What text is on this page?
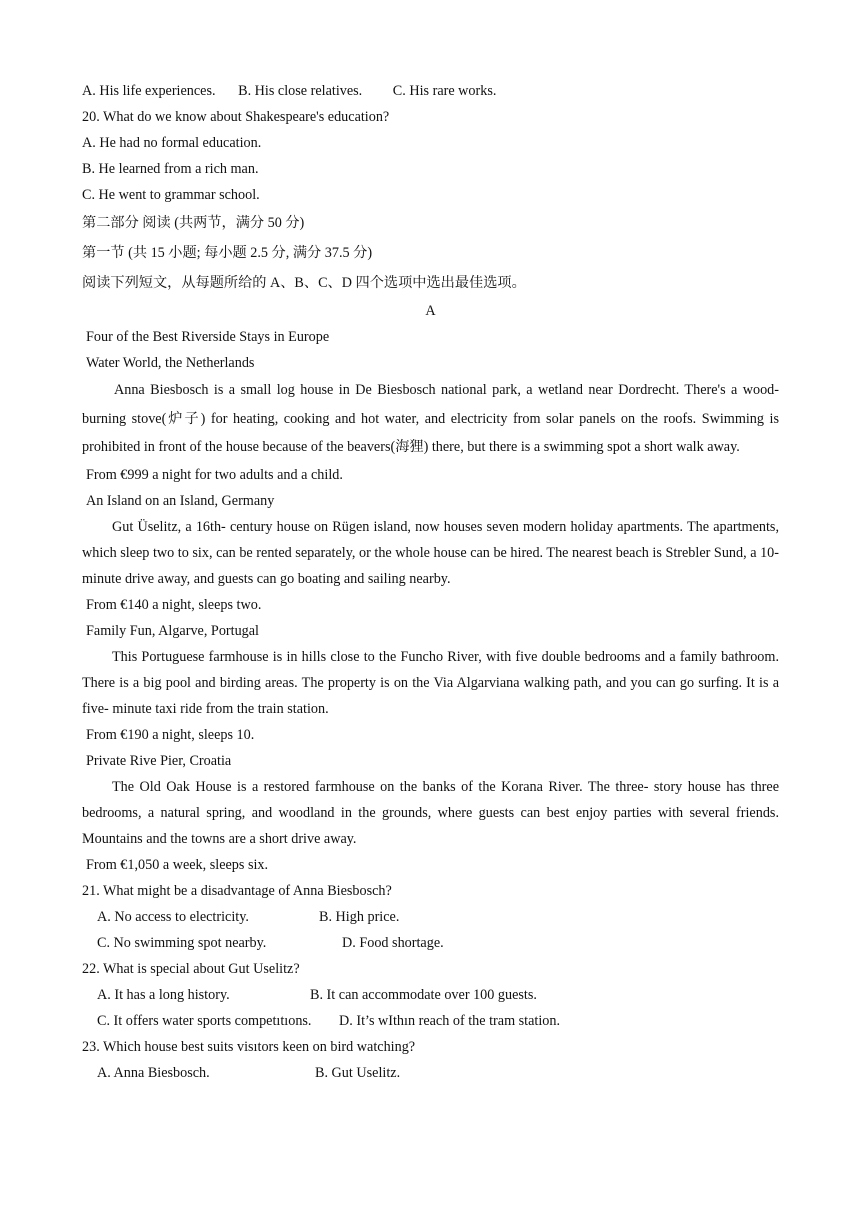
A. His life experiences. B. His close relatives. C. His rare works.
20. What do we know about Shakespeare's education?
A. He had no formal education.
B. He learned from a rich man.
C. He went to grammar school.
第二部分 阅读 (共两节，满分 50 分)
第一节 (共 15 小题; 每小题 2.5 分, 满分 37.5 分)
阅读下列短文，从每题所给的 A、B、C、D 四个选项中选出最佳选项。
A
Four of the Best Riverside Stays in Europe
Water World, the Netherlands

Anna Biesbosch is a small log house in De Biesbosch national park, a wetland near Dordrecht. There's a wood- burning stove(炉子) for heating, cooking and hot water, and electricity from solar panels on the roofs. Swimming is prohibited in front of the house because of the beavers(海狸) there, but there is a swimming spot a short walk away.

From €999 a night for two adults and a child.
An Island on an Island, Germany

Gut Üselitz, a 16th- century house on Rügen island, now houses seven modern holiday apartments. The apartments, which sleep two to six, can be rented separately, or the whole house can be hired. The nearest beach is Strebler Sund, a 10- minute drive away, and guests can go boating and sailing nearby.

From €140 a night, sleeps two.
Family Fun, Algarve, Portugal

This Portuguese farmhouse is in hills close to the Funcho River, with five double bedrooms and a family bathroom. There is a big pool and birding areas. The property is on the Via Algarviana walking path, and you can go surfing. It is a five- minute taxi ride from the train station.

From €190 a night, sleeps 10.
Private Rive Pier, Croatia

The Old Oak House is a restored farmhouse on the banks of the Korana River. The three- story house has three bedrooms, a natural spring, and woodland in the grounds, where guests can best enjoy parties with several friends. Mountains and the towns are a short drive away.

From €1,050 a week, sleeps six.
21. What might be a disadvantage of Anna Biesbosch?
A. No access to electricity.	B. High price.
C. No swimming spot nearby.	D. Food shortage.
22. What is special about Gut Uselitz?
A. It has a long history.	B. It can accommodate over 100 guests.
C. It offers water sports competıtıons. D. It’s wIthın reach of the tram station.
23. Which house best suits visıtors keen on bird watching?
A. Anna Biesbosch.	B. Gut Uselitz.
